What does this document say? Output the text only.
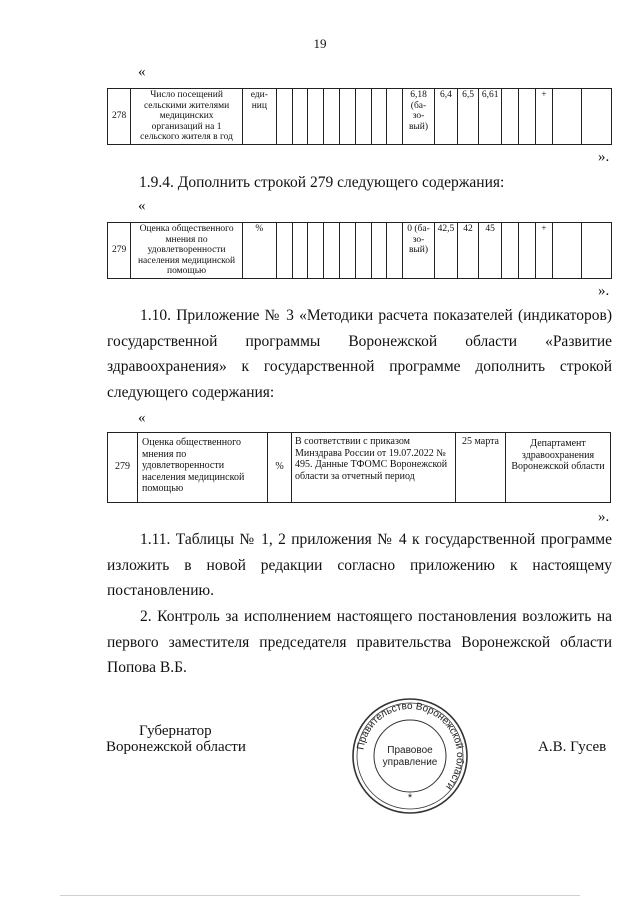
19
«
278	Число посещений сельскими жителями медицинских организаций на 1 сельского жителя в год	еди-ниц									6,18 (ба-зо-вый)	6,4	6,5	6,61			+		
».
1.9.4. Дополнить строкой 279 следующего содержания:
«
279	Оценка общественного мнения по удовлетворенности населения медицинской помощью	%									0 (ба-зо-вый)	42,5	42	45			+		
».
1.10. Приложение № 3 «Методики расчета показателей (индикаторов) государственной программы Воронежской области «Развитие здравоохранения» к государственной программе дополнить строкой следующего содержания:
«
279	Оценка общественного мнения по удовлетворенности населения медицинской помощью	%	В соответствии с приказом Минздрава России от 19.07.2022 № 495. Данные ТФОМС Воронежской области за отчетный период	25 марта	Департамент здравоохранения Воронежской области
».
1.11. Таблицы № 1, 2 приложения № 4 к государственной программе изложить в новой редакции согласно приложению к настоящему постановлению.
2. Контроль за исполнением настоящего постановления возложить на первого заместителя председателя правительства Воронежской области Попова В.Б.
Губернатор
Воронежской области	А.В. Гусев
Правительство Воронежской области
Правовое
управление
*
